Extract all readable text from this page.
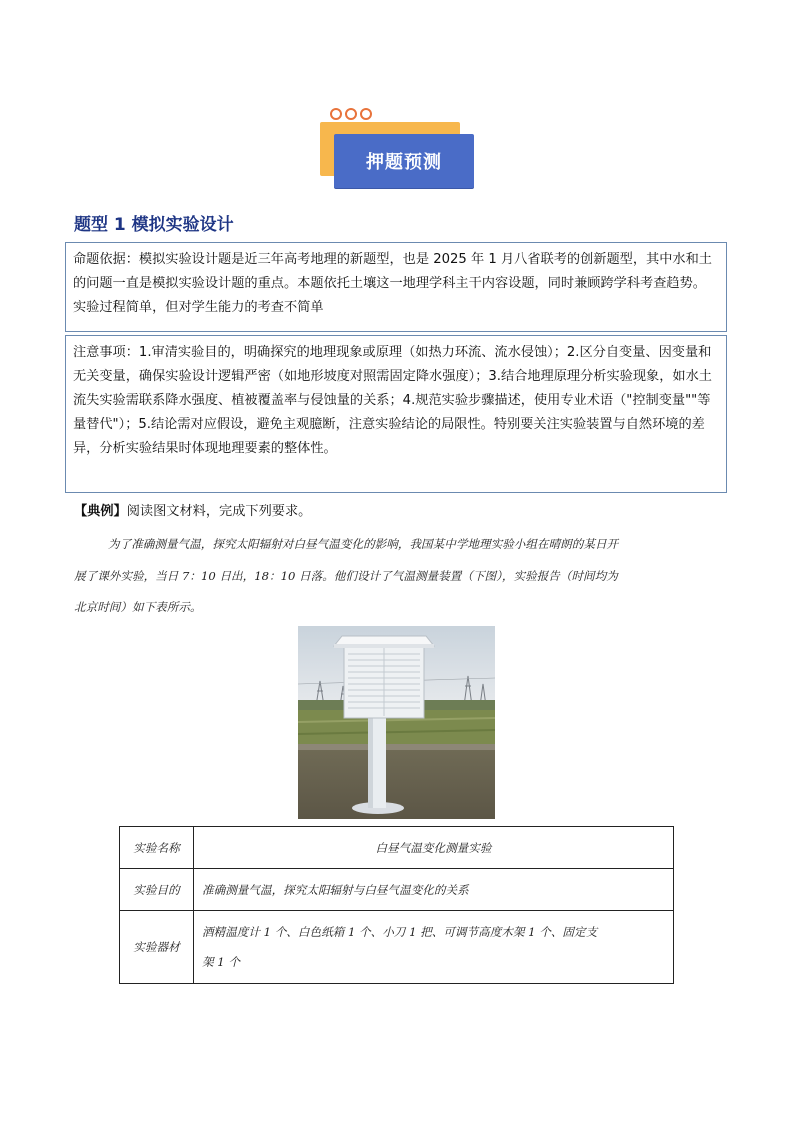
押题预测
题型 1 模拟实验设计
命题依据：模拟实验设计题是近三年高考地理的新题型，也是 2025 年 1 月八省联考的创新题型，其中水和土的问题一直是模拟实验设计题的重点。本题依托土壤这一地理学科主干内容设题，同时兼顾跨学科考查趋势。实验过程简单，但对学生能力的考查不简单
注意事项：1.审清实验目的，明确探究的地理现象或原理（如热力环流、流水侵蚀）；2.区分自变量、因变量和无关变量，确保实验设计逻辑严密（如地形坡度对照需固定降水强度）；3.结合地理原理分析实验现象，如水土流失实验需联系降水强度、植被覆盖率与侵蚀量的关系；4.规范实验步骤描述，使用专业术语（"控制变量""等量替代"）；5.结论需对应假设，避免主观臆断，注意实验结论的局限性。特别要关注实验装置与自然环境的差异，分析实验结果时体现地理要素的整体性。
【典例】阅读图文材料，完成下列要求。
为了准确测量气温，探究太阳辐射对白昼气温变化的影响，我国某中学地理实验小组在晴朗的某日开
展了课外实验，当日 7：10 日出，18：10 日落。他们设计了气温测量装置（下图），实验报告（时间均为
北京时间）如下表所示。
实验名称	白昼气温变化测量实验
实验目的	准确测量气温，探究太阳辐射与白昼气温变化的关系
实验器材	酒精温度计 1 个、白色纸箱 1 个、小刀 1 把、可调节高度木架 1 个、固定支
架 1 个
